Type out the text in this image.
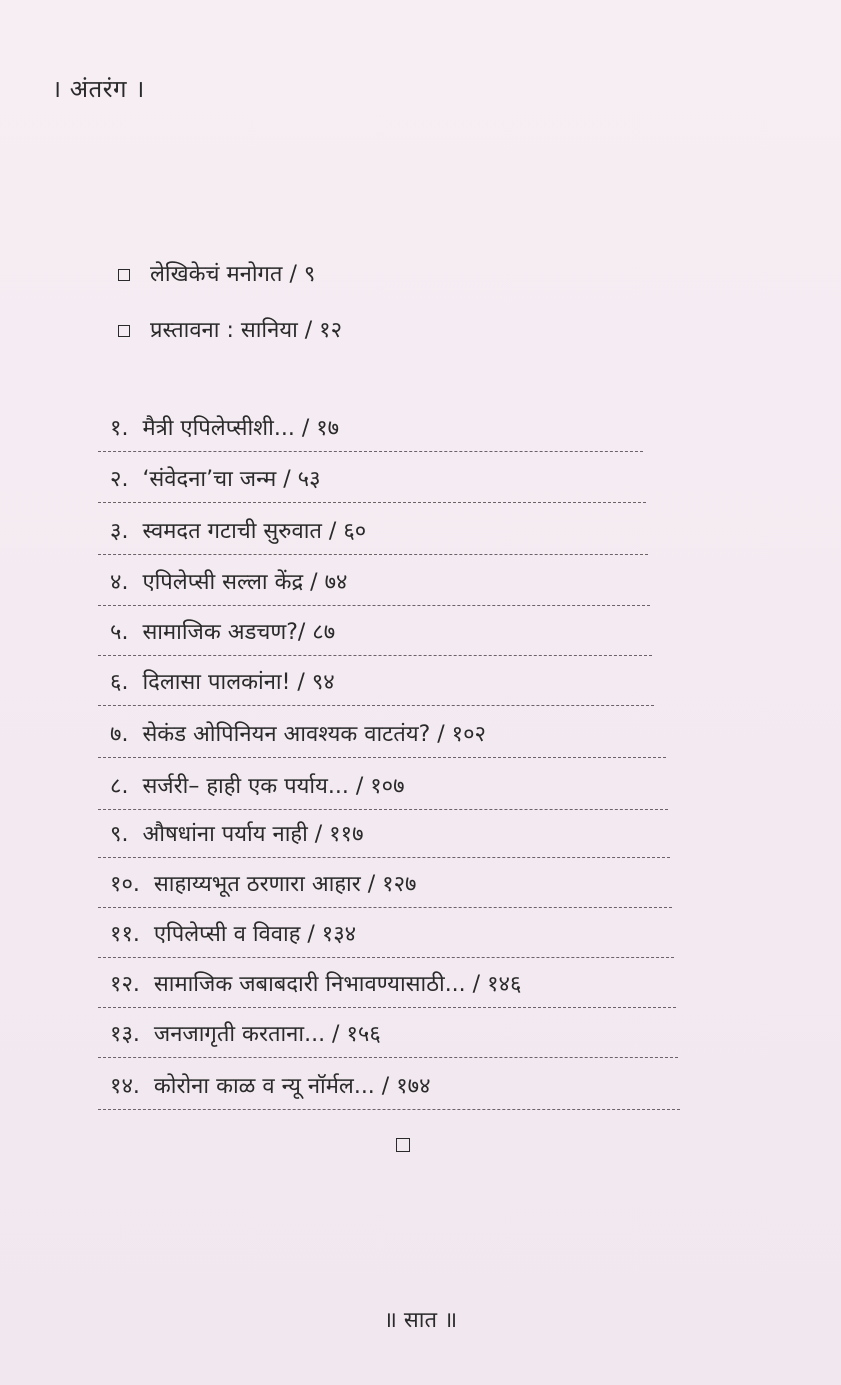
। अंतरंग ।
लेखिकेचं मनोगत / ९
प्रस्तावना : सानिया / १२
१. मैत्री एपिलेप्सीशी... / १७
२. ‘संवेदना’चा जन्म / ५३
३. स्वमदत गटाची सुरुवात / ६०
४. एपिलेप्सी सल्ला केंद्र / ७४
५. सामाजिक अडचण?/ ८७
६. दिलासा पालकांना! / ९४
७. सेकंड ओपिनियन आवश्यक वाटतंय? / १०२
८. सर्जरी– हाही एक पर्याय... / १०७
९. औषधांना पर्याय नाही / ११७
१०. साहाय्यभूत ठरणारा आहार / १२७
११. एपिलेप्सी व विवाह / १३४
१२. सामाजिक जबाबदारी निभावण्यासाठी... / १४६
१३. जनजागृती करताना... / १५६
१४. कोरोना काळ व न्यू नॉर्मल... / १७४
॥ सात ॥
